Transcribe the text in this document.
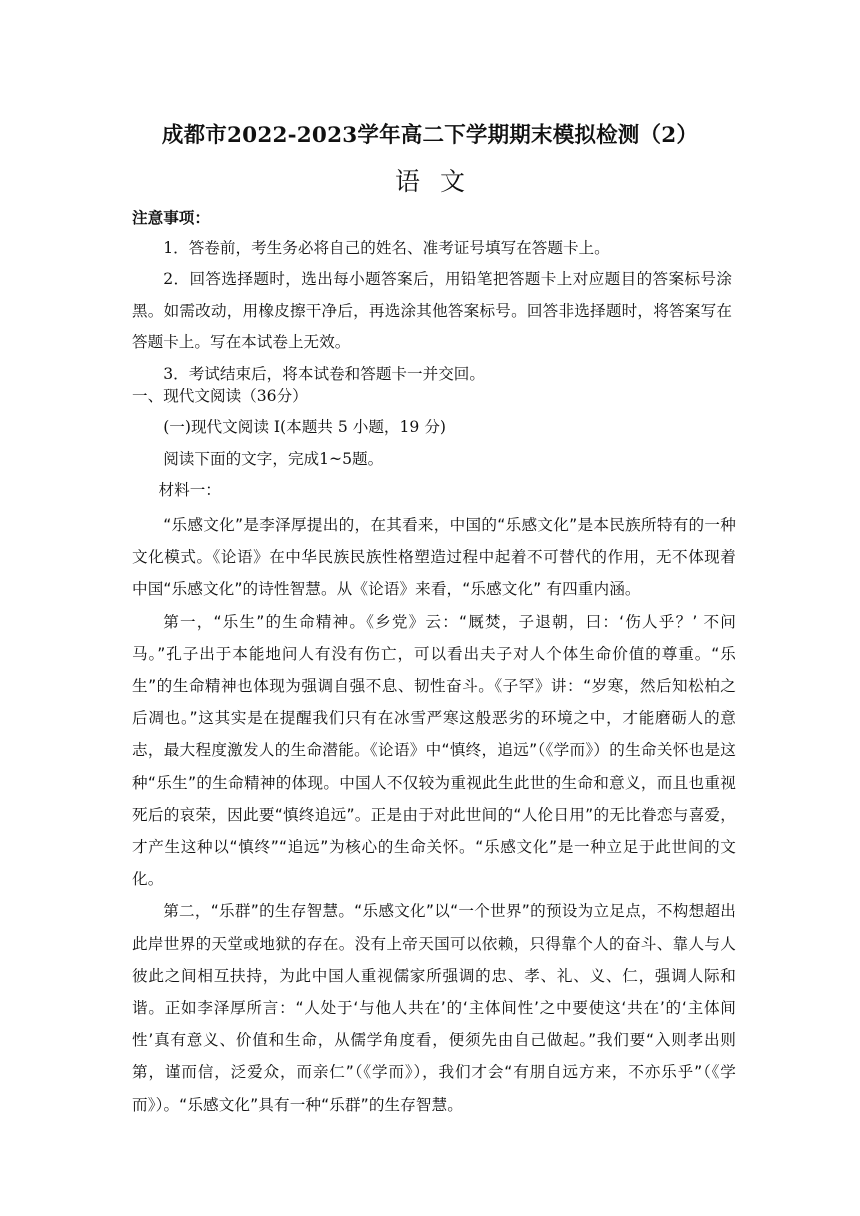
成都市2022-2023学年高二下学期期末模拟检测（2）
语文
注意事项：

1．答卷前，考生务必将自己的姓名、准考证号填写在答题卡上。

2．回答选择题时，选出每小题答案后，用铅笔把答题卡上对应题目的答案标号涂黑。如需改动，用橡皮擦干净后，再选涂其他答案标号。回答非选择题时，将答案写在答题卡上。写在本试卷上无效。

3．考试结束后，将本试卷和答题卡一并交回。

一、现代文阅读（36分）

(一)现代文阅读 I(本题共 5 小题，19 分)

阅读下面的文字，完成1~5题。

材料一：

“乐感文化”是李泽厚提出的，在其看来，中国的“乐感文化”是本民族所特有的一种文化模式。《论语》在中华民族民族性格塑造过程中起着不可替代的作用，无不体现着中国“乐感文化”的诗性智慧。从《论语》来看，“乐感文化” 有四重内涵。

第一，“乐生”的生命精神。《乡党》云：“厩焚，子退朝，曰：‘伤人乎？’ 不问马。”孔子出于本能地问人有没有伤亡，可以看出夫子对人个体生命价值的尊重。“乐生”的生命精神也体现为强调自强不息、韧性奋斗。《子罕》讲：“岁寒，然后知松柏之后凋也。”这其实是在提醒我们只有在冰雪严寒这般恶劣的环境之中，才能磨砺人的意志，最大程度激发人的生命潜能。《论语》中“慎终，追远”（《学而》）的生命关怀也是这种“乐生”的生命精神的体现。中国人不仅较为重视此生此世的生命和意义，而且也重视死后的哀荣，因此要“慎终追远”。正是由于对此世间的“人伦日用”的无比眷恋与喜爱，才产生这种以“慎终”“追远”为核心的生命关怀。“乐感文化”是一种立足于此世间的文化。

第二，“乐群”的生存智慧。“乐感文化”以“一个世界”的预设为立足点，不构想超出此岸世界的天堂或地狱的存在。没有上帝天国可以依赖，只得靠个人的奋斗、靠人与人彼此之间相互扶持，为此中国人重视儒家所强调的忠、孝、礼、义、仁，强调人际和谐。正如李泽厚所言：“人处于‘与他人共在’的‘主体间性’之中要使这‘共在’的‘主体间性’真有意义、价值和生命，从儒学角度看，便须先由自己做起。”我们要“入则孝出则第，谨而信，泛爱众，而亲仁”（《学而》），我们才会“有朋自远方来，不亦乐乎”（《学而》）。“乐感文化”具有一种“乐群”的生存智慧。
